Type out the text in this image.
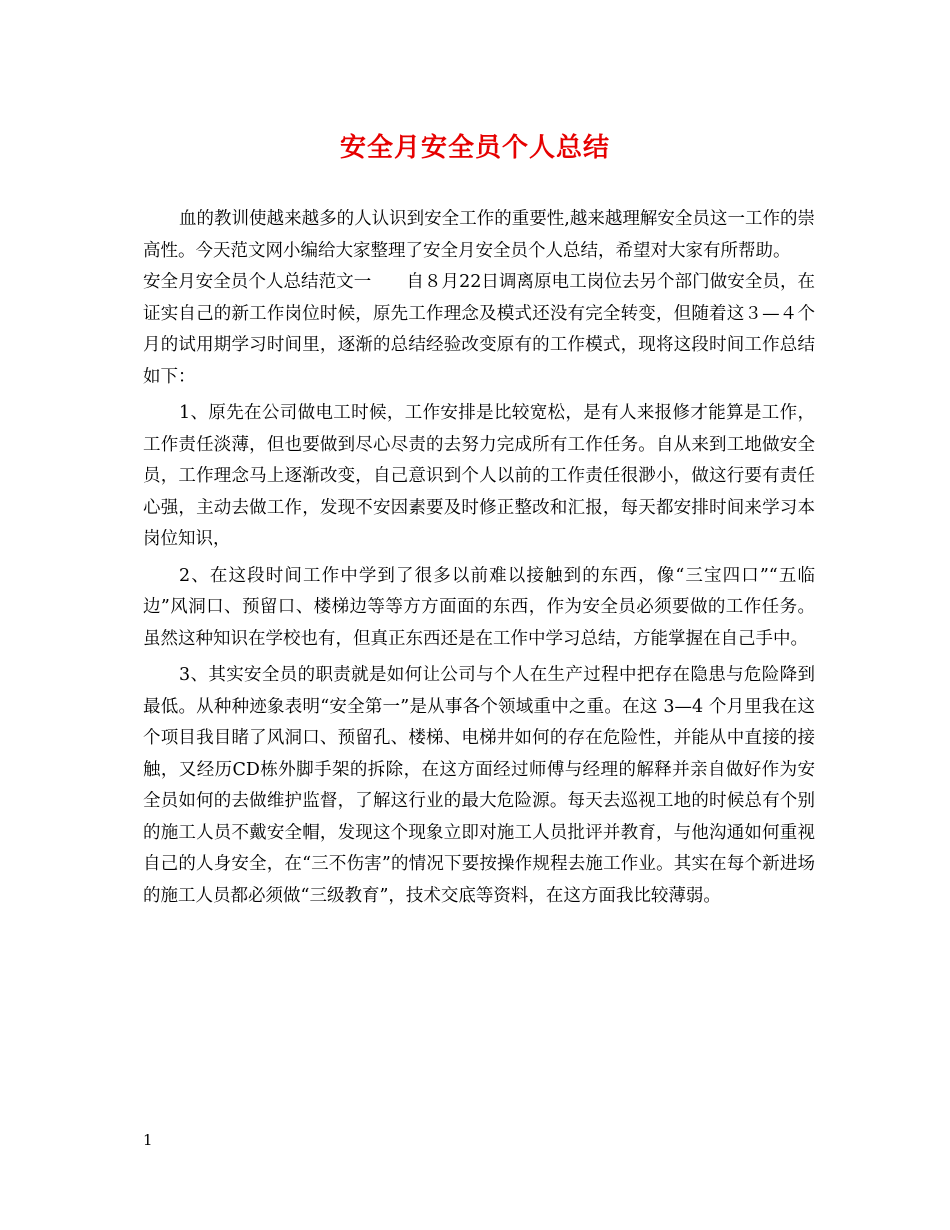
安全月安全员个人总结

血的教训使越来越多的人认识到安全工作的重要性,越来越理解安全员这一工作的崇高性。今天范文网小编给大家整理了安全月安全员个人总结，希望对大家有所帮助。

安全月安全员个人总结范文一　　自８月22日调离原电工岗位去另个部门做安全员，在证实自己的新工作岗位时候，原先工作理念及模式还没有完全转变，但随着这３—４个月的试用期学习时间里，逐渐的总结经验改变原有的工作模式，现将这段时间工作总结如下：

1、原先在公司做电工时候，工作安排是比较宽松，是有人来报修才能算是工作，工作责任淡薄，但也要做到尽心尽责的去努力完成所有工作任务。自从来到工地做安全员，工作理念马上逐渐改变，自己意识到个人以前的工作责任很渺小，做这行要有责任心强，主动去做工作，发现不安因素要及时修正整改和汇报，每天都安排时间来学习本岗位知识，

2、在这段时间工作中学到了很多以前难以接触到的东西，像“三宝四口”“五临边”风洞口、预留口、楼梯边等等方方面面的东西，作为安全员必须要做的工作任务。虽然这种知识在学校也有，但真正东西还是在工作中学习总结，方能掌握在自己手中。

3、其实安全员的职责就是如何让公司与个人在生产过程中把存在隐患与危险降到最低。从种种迹象表明“安全第一”是从事各个领域重中之重。在这 3—4 个月里我在这个项目我目睹了风洞口、预留孔、楼梯、电梯井如何的存在危险性，并能从中直接的接触，又经历CD栋外脚手架的拆除，在这方面经过师傅与经理的解释并亲自做好作为安全员如何的去做维护监督，了解这行业的最大危险源。每天去巡视工地的时候总有个别的施工人员不戴安全帽，发现这个现象立即对施工人员批评并教育，与他沟通如何重视自己的人身安全，在“三不伤害”的情况下要按操作规程去施工作业。其实在每个新进场的施工人员都必须做“三级教育”，技术交底等资料，在这方面我比较薄弱。

1
